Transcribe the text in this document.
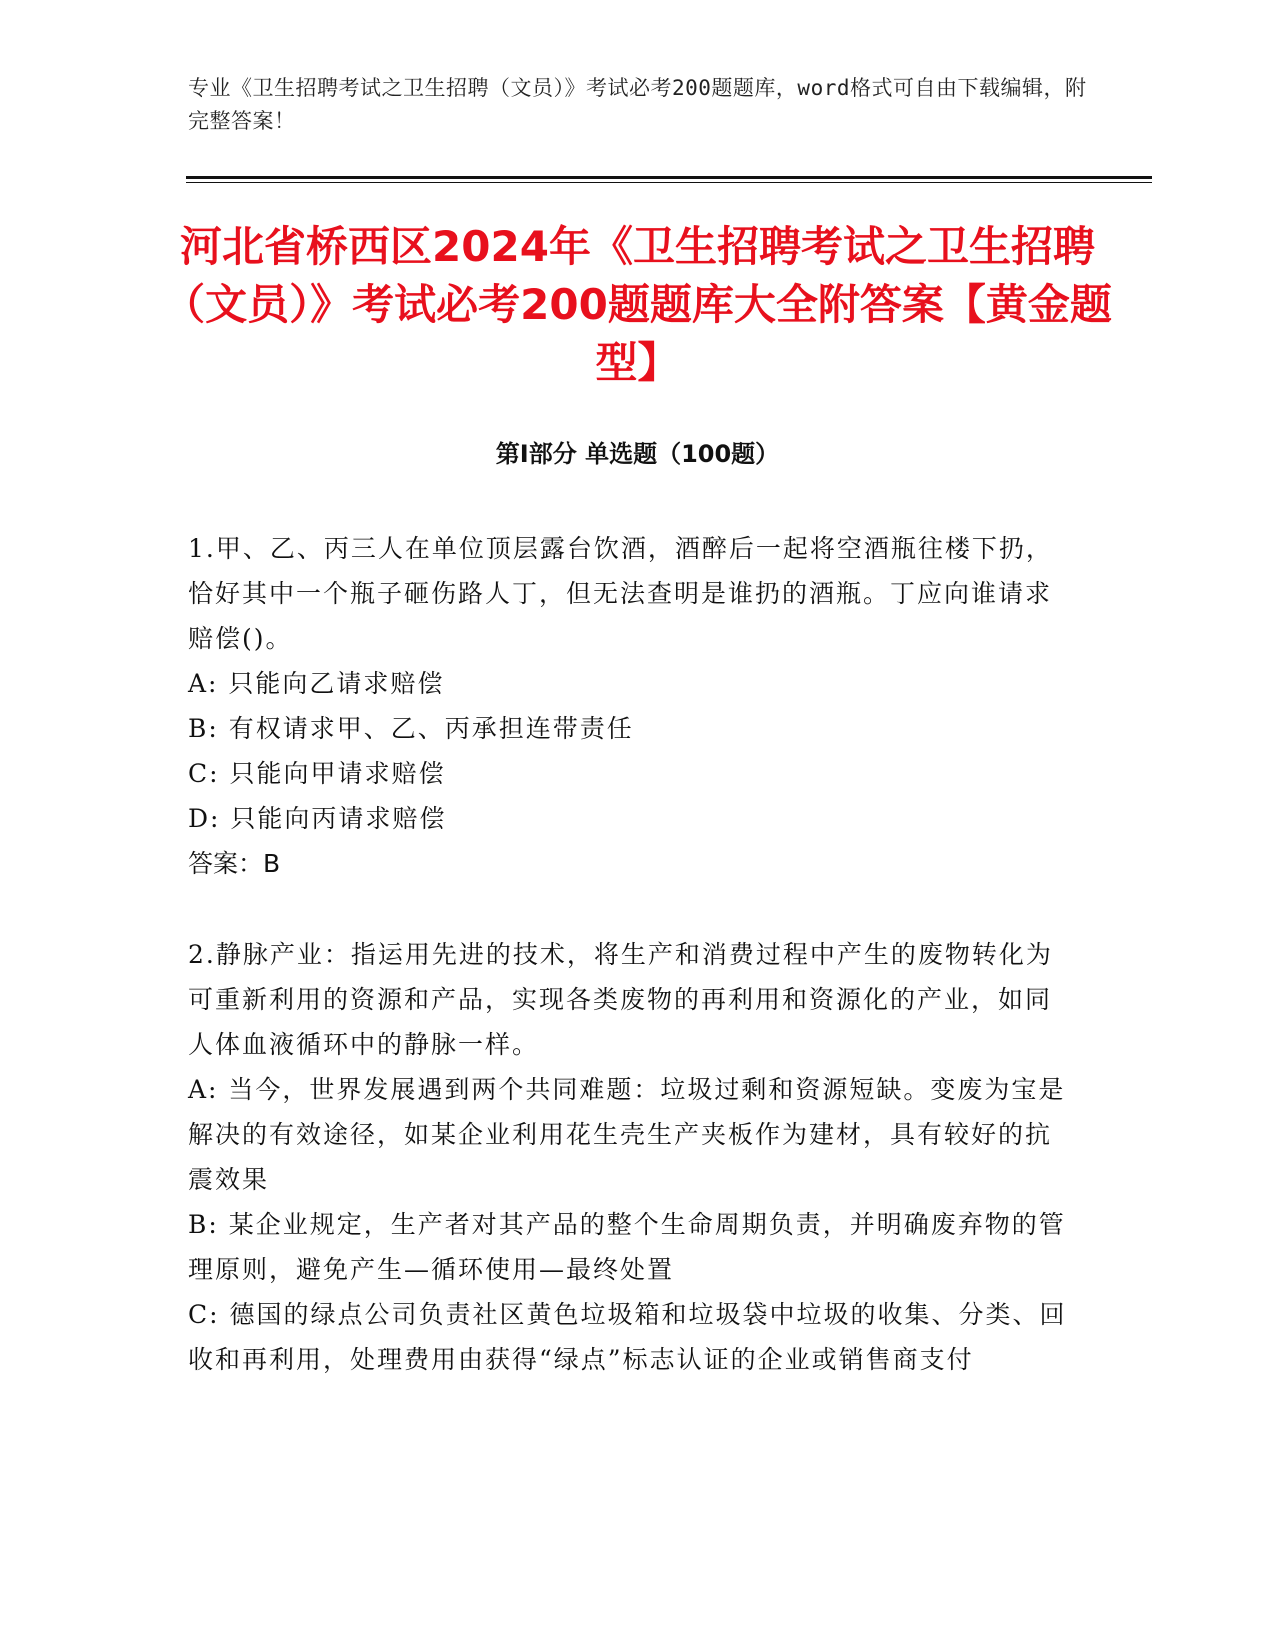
专业《卫生招聘考试之卫生招聘（文员）》考试必考200题题库，word格式可自由下载编辑，附完整答案！
河北省桥西区2024年《卫生招聘考试之卫生招聘（文员）》考试必考200题题库大全附答案【黄金题型】
第I部分 单选题（100题）

1.甲、乙、丙三人在单位顶层露台饮酒，酒醉后一起将空酒瓶往楼下扔，恰好其中一个瓶子砸伤路人丁，但无法查明是谁扔的酒瓶。丁应向谁请求赔偿()。

A: 只能向乙请求赔偿

B: 有权请求甲、乙、丙承担连带责任

C: 只能向甲请求赔偿

D: 只能向丙请求赔偿

答案：B

2.静脉产业：指运用先进的技术，将生产和消费过程中产生的废物转化为可重新利用的资源和产品，实现各类废物的再利用和资源化的产业，如同人体血液循环中的静脉一样。

A: 当今，世界发展遇到两个共同难题：垃圾过剩和资源短缺。变废为宝是解决的有效途径，如某企业利用花生壳生产夹板作为建材，具有较好的抗震效果

B: 某企业规定，生产者对其产品的整个生命周期负责，并明确废弃物的管理原则，避免产生—循环使用—最终处置

C: 德国的绿点公司负责社区黄色垃圾箱和垃圾袋中垃圾的收集、分类、回收和再利用，处理费用由获得“绿点”标志认证的企业或销售商支付
